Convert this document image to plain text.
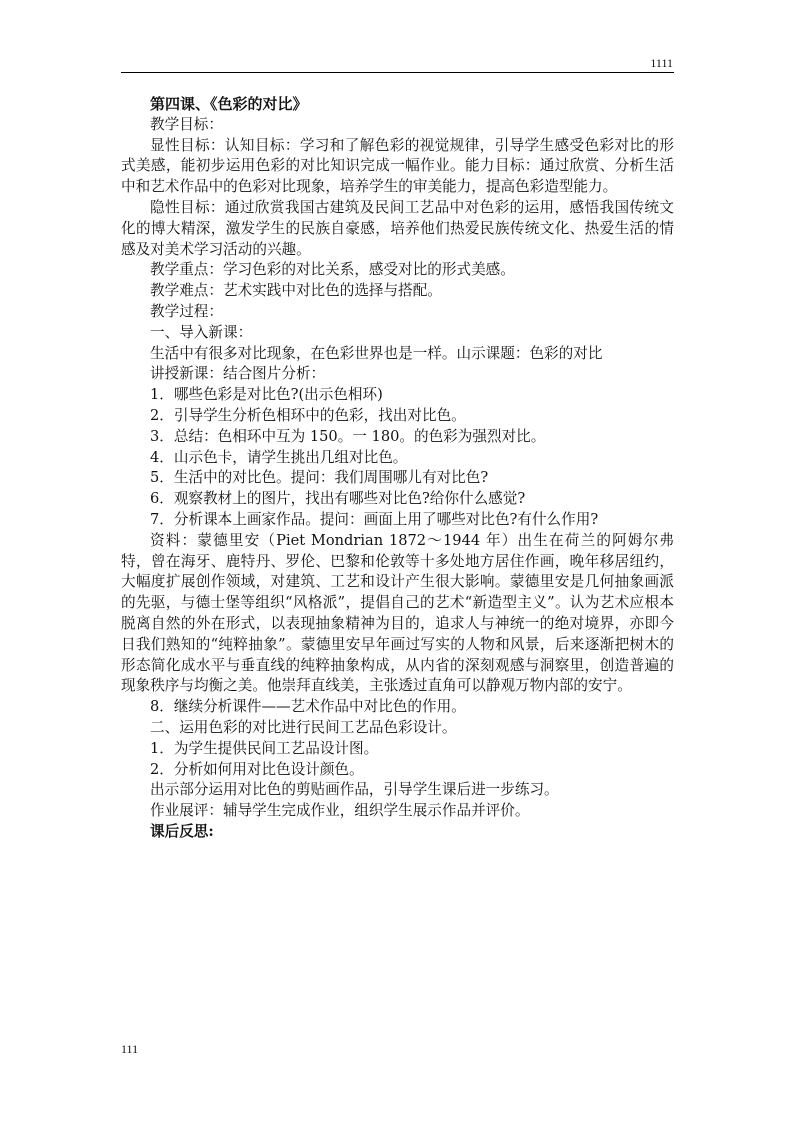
1111

第四课、《色彩的对比》

教学目标：

显性目标：认知目标：学习和了解色彩的视觉规律，引导学生感受色彩对比的形式美感，能初步运用色彩的对比知识完成一幅作业。能力目标：通过欣赏、分析生活中和艺术作品中的色彩对比现象，培养学生的审美能力，提高色彩造型能力。

隐性目标：通过欣赏我国古建筑及民间工艺品中对色彩的运用，感悟我国传统文化的博大精深，激发学生的民族自豪感，培养他们热爱民族传统文化、热爱生活的情感及对美术学习活动的兴趣。

教学重点：学习色彩的对比关系，感受对比的形式美感。

教学难点：艺术实践中对比色的选择与搭配。

教学过程：

一、导入新课：

生活中有很多对比现象，在色彩世界也是一样。山示课题：色彩的对比

讲授新课：结合图片分析：

1．哪些色彩是对比色?(出示色相环)

2．引导学生分析色相环中的色彩，找出对比色。

3．总结：色相环中互为 150。一 180。的色彩为强烈对比。

4．山示色卡，请学生挑出几组对比色。

5．生活中的对比色。提问：我们周围哪儿有对比色?

6．观察教材上的图片，找出有哪些对比色?给你什么感觉?

7．分析课本上画家作品。提问：画面上用了哪些对比色?有什么作用?

资料：蒙德里安（Piet Mondrian 1872～1944 年）出生在荷兰的阿姆尔弗特，曾在海牙、鹿特丹、罗伦、巴黎和伦敦等十多处地方居住作画，晚年移居纽约，大幅度扩展创作领域，对建筑、工艺和设计产生很大影响。蒙德里安是几何抽象画派的先驱，与德士堡等组织“风格派”，提倡自己的艺术“新造型主义”。认为艺术应根本脱离自然的外在形式，以表现抽象精神为目的，追求人与神统一的绝对境界，亦即今日我们熟知的“纯粹抽象”。蒙德里安早年画过写实的人物和风景，后来逐渐把树木的形态简化成水平与垂直线的纯粹抽象构成，从内省的深刻观感与洞察里，创造普遍的现象秩序与均衡之美。他崇拜直线美，主张透过直角可以静观万物内部的安宁。

8．继续分析课件——艺术作品中对比色的作用。

二、运用色彩的对比进行民间工艺品色彩设计。

1．为学生提供民间工艺品设计图。

2．分析如何用对比色设计颜色。

出示部分运用对比色的剪贴画作品，引导学生课后进一步练习。

作业展评：辅导学生完成作业，组织学生展示作品并评价。

课后反思:

111
